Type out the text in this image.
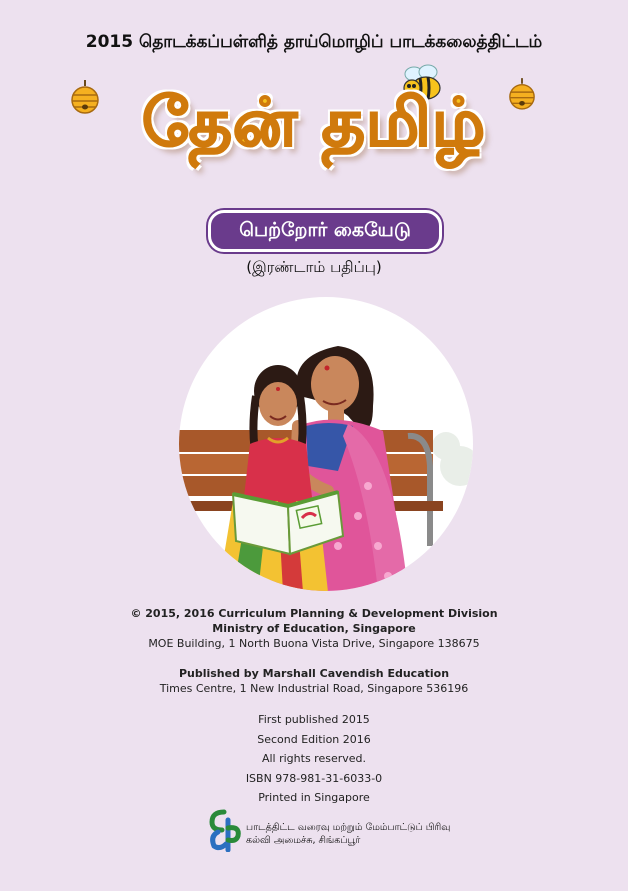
2015 தொடக்கப்பள்ளித் தாய்மொழிப் பாடக்கலைத்திட்டம்
தேன் தமிழ்
பெற்றோர் கையேடு
(இரண்டாம் பதிப்பு)
© 2015, 2016 Curriculum Planning & Development Division
Ministry of Education, Singapore
MOE Building, 1 North Buona Vista Drive, Singapore 138675
Published by Marshall Cavendish Education
Times Centre, 1 New Industrial Road, Singapore 536196
First published 2015
Second Edition 2016
All rights reserved.
ISBN 978-981-31-6033-0
Printed in Singapore
பாடத்திட்ட வரைவு மற்றும் மேம்பாட்டுப் பிரிவு
கல்வி அமைச்சு, சிங்கப்பூர்
